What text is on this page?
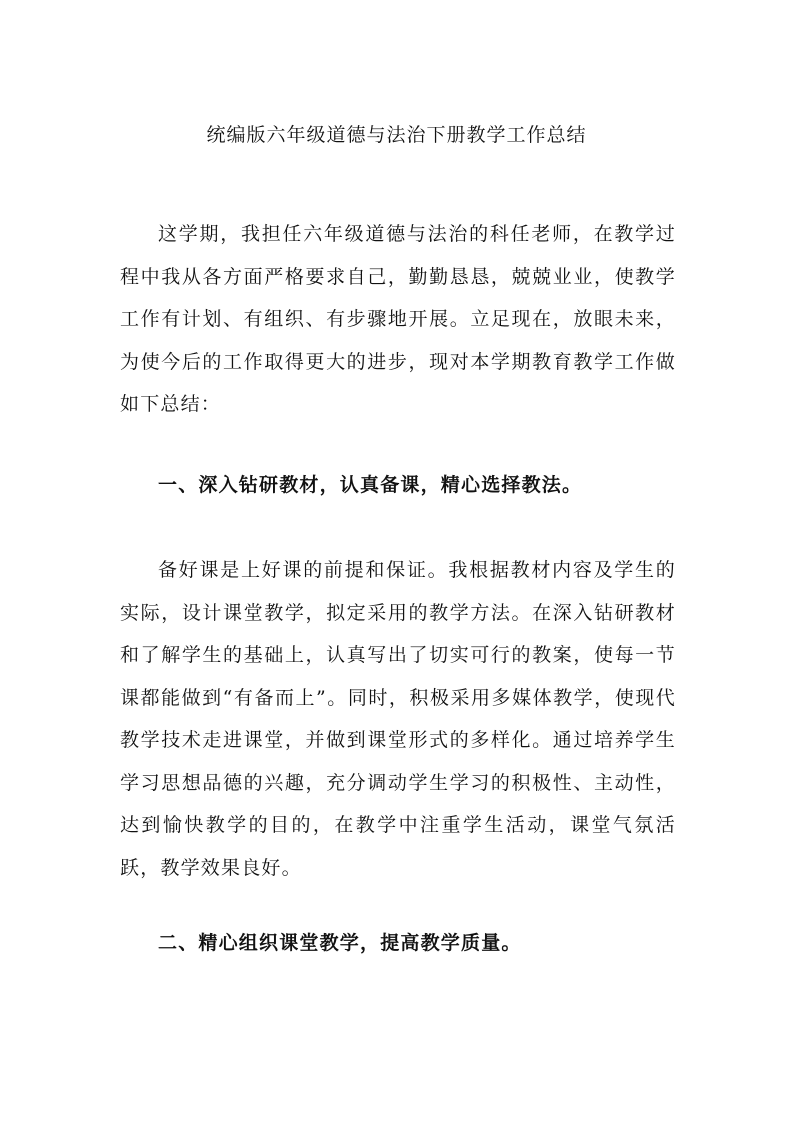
统编版六年级道德与法治下册教学工作总结

这学期，我担任六年级道德与法治的科任老师，在教学过程中我从各方面严格要求自己，勤勤恳恳，兢兢业业，使教学工作有计划、有组织、有步骤地开展。立足现在，放眼未来，为使今后的工作取得更大的进步，现对本学期教育教学工作做如下总结：

一、深入钻研教材，认真备课，精心选择教法。

备好课是上好课的前提和保证。我根据教材内容及学生的实际，设计课堂教学，拟定采用的教学方法。在深入钻研教材和了解学生的基础上，认真写出了切实可行的教案，使每一节课都能做到“有备而上”。同时，积极采用多媒体教学，使现代教学技术走进课堂，并做到课堂形式的多样化。通过培养学生学习思想品德的兴趣，充分调动学生学习的积极性、主动性，达到愉快教学的目的，在教学中注重学生活动，课堂气氛活跃，教学效果良好。

二、精心组织课堂教学，提高教学质量。
